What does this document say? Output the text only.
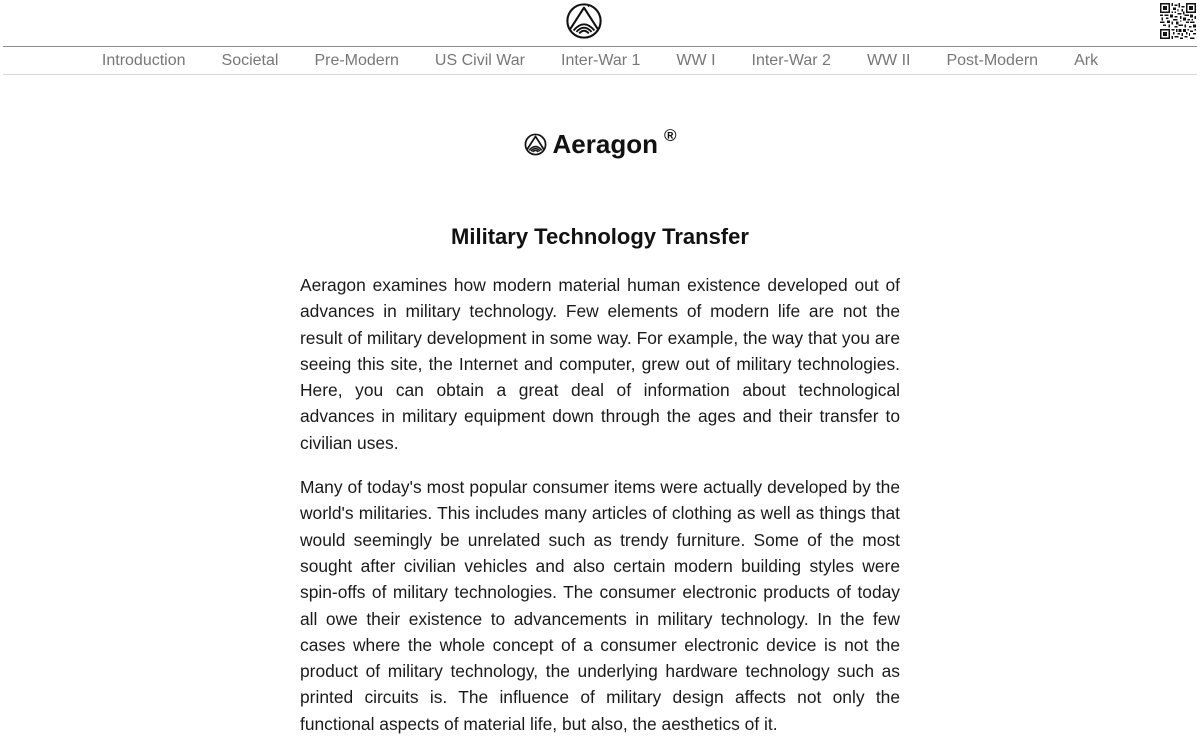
Introduction	Societal	Pre-Modern	US Civil War	Inter-War 1	WW I	Inter-War 2	WW II	Post-Modern	Ark
Aeragon ®
Military Technology Transfer

Aeragon examines how modern material human existence developed out of advances in military technology. Few elements of modern life are not the result of military development in some way. For example, the way that you are seeing this site, the Internet and computer, grew out of military technologies. Here, you can obtain a great deal of information about technological advances in military equipment down through the ages and their transfer to civilian uses.

Many of today's most popular consumer items were actually developed by the world's militaries. This includes many articles of clothing as well as things that would seemingly be unrelated such as trendy furniture. Some of the most sought after civilian vehicles and also certain modern building styles were spin-offs of military technologies. The consumer electronic products of today all owe their existence to advancements in military technology. In the few cases where the whole concept of a consumer electronic device is not the product of military technology, the underlying hardware technology such as printed circuits is. The influence of military design affects not only the functional aspects of material life, but also, the aesthetics of it.
